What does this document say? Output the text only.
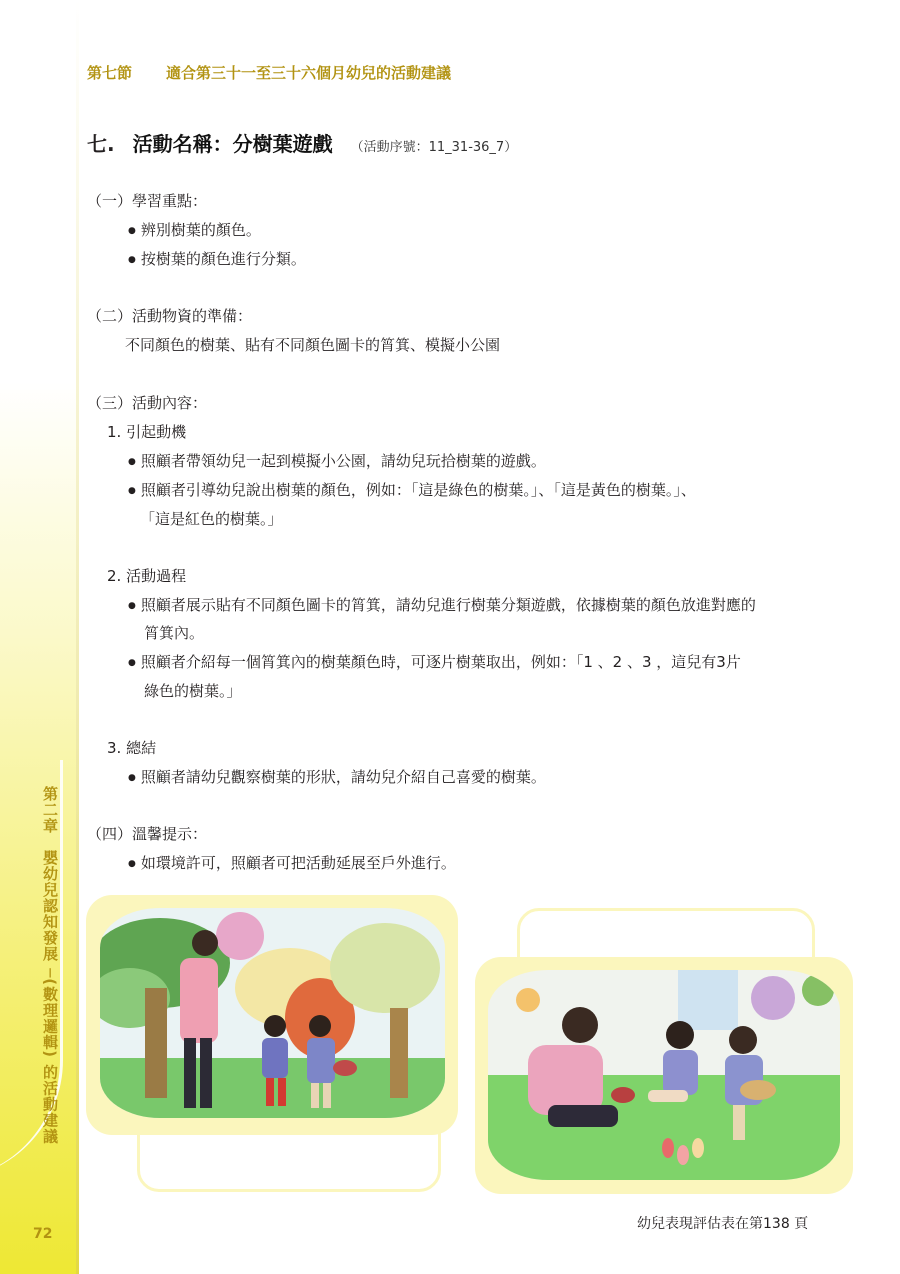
第二章　嬰幼兒認知發展 ─(數理邏輯) 的活動建議
72
第七節 適合第三十一至三十六個月幼兒的活動建議
七. 活動名稱：分樹葉遊戲 （活動序號：11_31-36_7）
（一）學習重點：
● 辨別樹葉的顏色。
● 按樹葉的顏色進行分類。
（二）活動物資的準備：
不同顏色的樹葉、貼有不同顏色圖卡的筲箕、模擬小公園
（三）活動內容：
1. 引起動機
● 照顧者帶領幼兒一起到模擬小公園，請幼兒玩拾樹葉的遊戲。
● 照顧者引導幼兒說出樹葉的顏色，例如：「這是綠色的樹葉。」、「這是黃色的樹葉。」、
「這是紅色的樹葉。」
2. 活動過程
● 照顧者展示貼有不同顏色圖卡的筲箕，請幼兒進行樹葉分類遊戲，依據樹葉的顏色放進對應的
筲箕內。
● 照顧者介紹每一個筲箕內的樹葉顏色時，可逐片樹葉取出，例如：「1 、2 、3 ，這兒有3片
綠色的樹葉。」
3. 總結
● 照顧者請幼兒觀察樹葉的形狀，請幼兒介紹自己喜愛的樹葉。
（四）溫馨提示：
● 如環境許可，照顧者可把活動延展至戶外進行。
幼兒表現評估表在第138 頁
